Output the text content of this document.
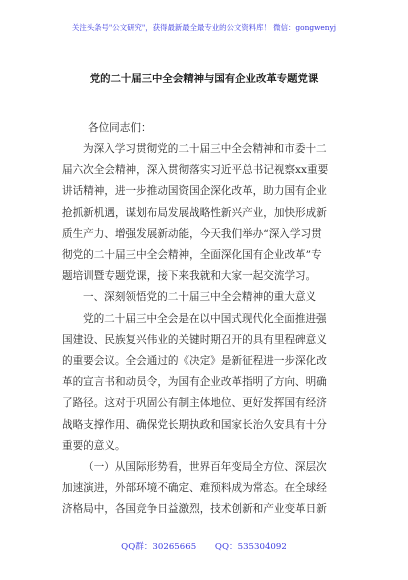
关注头条号"公文研究"，获得最新最全最专业的公文资料库！ 微信：gongwenyj
党的二十届三中全会精神与国有企业改革专题党课
各位同志们：
为深入学习贯彻党的二十届三中全会精神和市委十二
届六次全会精神，深入贯彻落实习近平总书记视察xx重要
讲话精神，进一步推动国资国企深化改革，助力国有企业
抢抓新机遇，谋划布局发展战略性新兴产业，加快形成新
质生产力、增强发展新动能，今天我们举办“深入学习贯
彻党的二十届三中全会精神，全面深化国有企业改革”专
题培训暨专题党课，接下来我就和大家一起交流学习。
一、深刻领悟党的二十届三中全会精神的重大意义
党的二十届三中全会是在以中国式现代化全面推进强
国建设、民族复兴伟业的关键时期召开的具有里程碑意义
的重要会议。全会通过的《决定》是新征程进一步深化改
革的宣言书和动员令，为国有企业改革指明了方向、明确
了路径。这对于巩固公有制主体地位、更好发挥国有经济
战略支撑作用、确保党长期执政和国家长治久安具有十分
重要的意义。
（一）从国际形势看，世界百年变局全方位、深层次
加速演进，外部环境不确定、难预料成为常态。在全球经
济格局中，各国竞争日益激烈，技术创新和产业变革日新
QQ群：30265665 QQ：535304092
